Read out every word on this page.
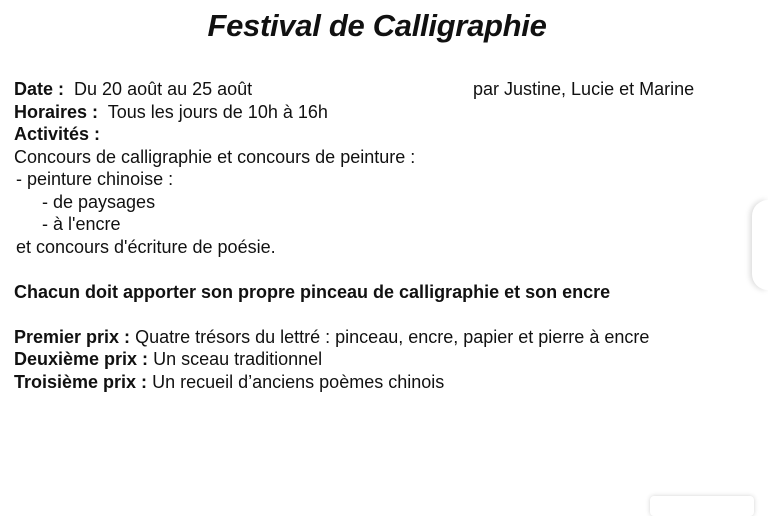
Festival de Calligraphie
par Justine, Lucie et Marine
Date : Du 20 août au 25 août
Horaires : Tous les jours de 10h à 16h
Activités :
Concours de calligraphie et concours de peinture :
- peinture chinoise :
- de paysages
- à l'encre
et concours d'écriture de poésie.
Chacun doit apporter son propre pinceau de calligraphie et son encre
Premier prix : Quatre trésors du lettré : pinceau, encre, papier et pierre à encre
Deuxième prix : Un sceau traditionnel
Troisième prix : Un recueil d’anciens poèmes chinois
